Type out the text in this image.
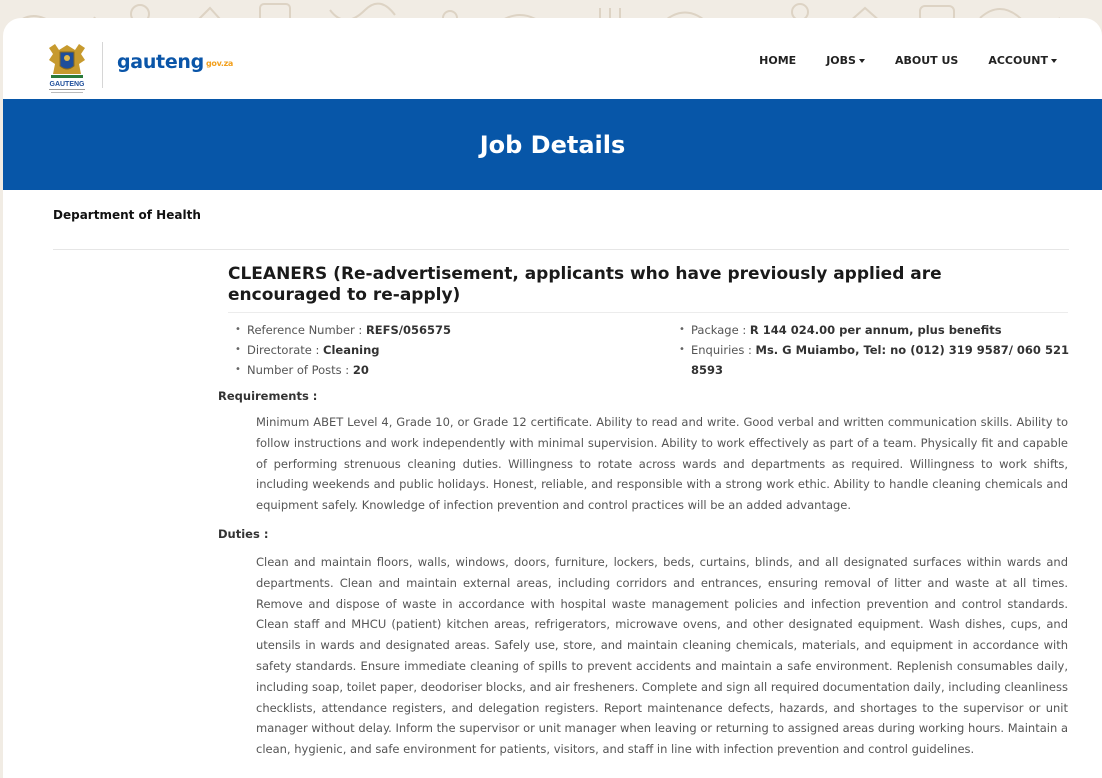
GAUTENG
gauteng gov.za	HOME	JOBS	ABOUT US	ACCOUNT
Job Details
Department of Health
CLEANERS (Re-advertisement, applicants who have previously applied are encouraged to re-apply)
• Reference Number : REFS/056575
• Directorate : Cleaning
• Number of Posts : 20
• Package : R 144 024.00 per annum, plus benefits
• Enquiries : Ms. G Muiambo, Tel: no (012) 319 9587/ 060 521 8593
Requirements :
Minimum ABET Level 4, Grade 10, or Grade 12 certificate. Ability to read and write. Good verbal and written communication skills. Ability to follow instructions and work independently with minimal supervision. Ability to work effectively as part of a team. Physically fit and capable of performing strenuous cleaning duties. Willingness to rotate across wards and departments as required. Willingness to work shifts, including weekends and public holidays. Honest, reliable, and responsible with a strong work ethic. Ability to handle cleaning chemicals and equipment safely. Knowledge of infection prevention and control practices will be an added advantage.
Duties :
Clean and maintain floors, walls, windows, doors, furniture, lockers, beds, curtains, blinds, and all designated surfaces within wards and departments. Clean and maintain external areas, including corridors and entrances, ensuring removal of litter and waste at all times. Remove and dispose of waste in accordance with hospital waste management policies and infection prevention and control standards. Clean staff and MHCU (patient) kitchen areas, refrigerators, microwave ovens, and other designated equipment. Wash dishes, cups, and utensils in wards and designated areas. Safely use, store, and maintain cleaning chemicals, materials, and equipment in accordance with safety standards. Ensure immediate cleaning of spills to prevent accidents and maintain a safe environment. Replenish consumables daily, including soap, toilet paper, deodoriser blocks, and air fresheners. Complete and sign all required documentation daily, including cleanliness checklists, attendance registers, and delegation registers. Report maintenance defects, hazards, and shortages to the supervisor or unit manager without delay. Inform the supervisor or unit manager when leaving or returning to assigned areas during working hours. Maintain a clean, hygienic, and safe environment for patients, visitors, and staff in line with infection prevention and control guidelines.
